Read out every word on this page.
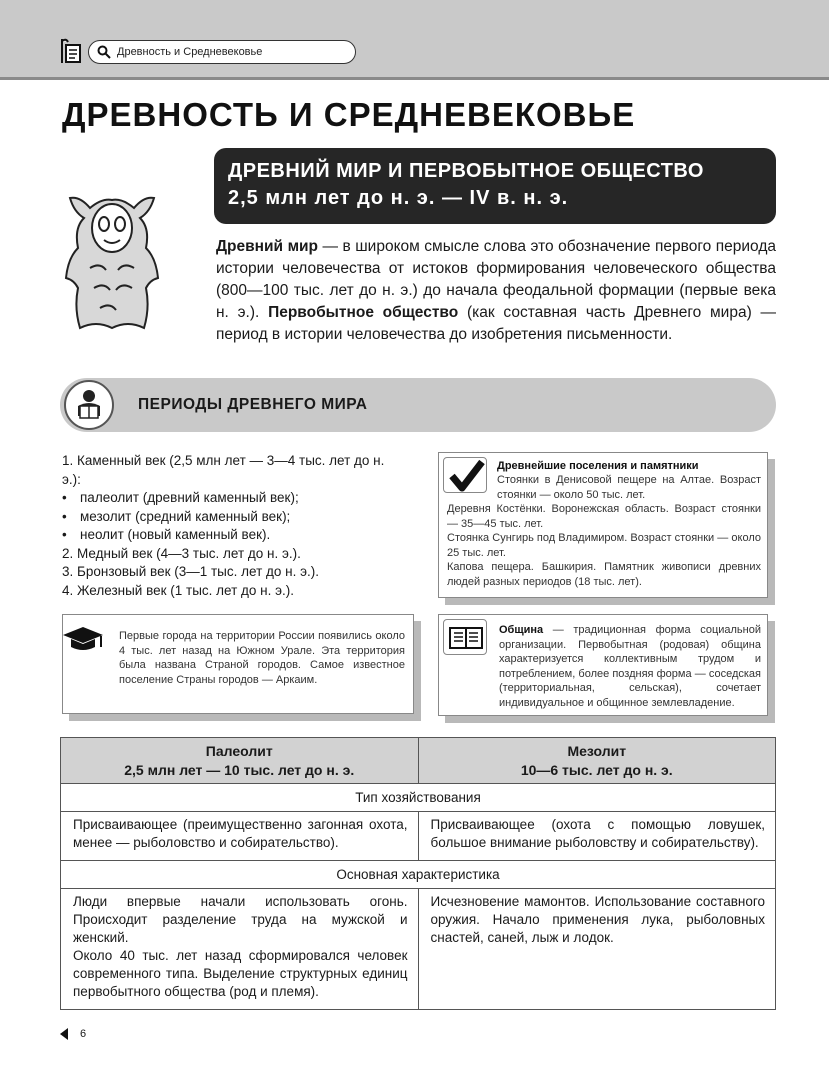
Древность и Средневековье
ДРЕВНОСТЬ И СРЕДНЕВЕКОВЬЕ
ДРЕВНИЙ МИР И ПЕРВОБЫТНОЕ ОБЩЕСТВО
2,5 млн лет до н. э. — IV в. н. э.
Древний мир — в широком смысле слова это обозначение первого периода истории человечества от истоков формирования человеческого общества (800—100 тыс. лет до н. э.) до начала феодальной формации (первые века н. э.). Первобытное общество (как составная часть Древнего мира) — период в истории человечества до изобретения письменности.
ПЕРИОДЫ ДРЕВНЕГО МИРА
1. Каменный век (2,5 млн лет — 3—4 тыс. лет до н. э.):
• палеолит (древний каменный век);
• мезолит (средний каменный век);
• неолит (новый каменный век).
2. Медный век (4—3 тыс. лет до н. э.).
3. Бронзовый век (3—1 тыс. лет до н. э.).
4. Железный век (1 тыс. лет до н. э.).
Древнейшие поселения и памятники
Стоянки в Денисовой пещере на Алтае. Возраст стоянки — около 50 тыс. лет.
Деревня Костёнки. Воронежская область. Возраст стоянки — 35—45 тыс. лет.
Стоянка Сунгирь под Владимиром. Возраст стоянки — около 25 тыс. лет.
Капова пещера. Башкирия. Памятник живописи древних людей разных периодов (18 тыс. лет).
Первые города на территории России появились около 4 тыс. лет назад на Южном Урале. Эта территория была названа Страной городов. Самое известное поселение Страны городов — Аркаим.
Община — традиционная форма социальной организации. Первобытная (родовая) община характеризуется коллективным трудом и потреблением, более поздняя форма — соседская (территориальная, сельская), сочетает индивидуальное и общинное землевладение.
Палеолит
2,5 млн лет — 10 тыс. лет до н. э.
Мезолит
10—6 тыс. лет до н. э.
Тип хозяйствования
Присваивающее (преимущественно загонная охота, менее — рыболовство и собирательство).
Присваивающее (охота с помощью ловушек, большое внимание рыболовству и собирательству).
Основная характеристика
Люди впервые начали использовать огонь. Происходит разделение труда на мужской и женский.
Около 40 тыс. лет назад сформировался человек современного типа. Выделение структурных единиц первобытного общества (род и племя).
Исчезновение мамонтов. Использование составного оружия. Начало применения лука, рыболовных снастей, саней, лыж и лодок.
6
